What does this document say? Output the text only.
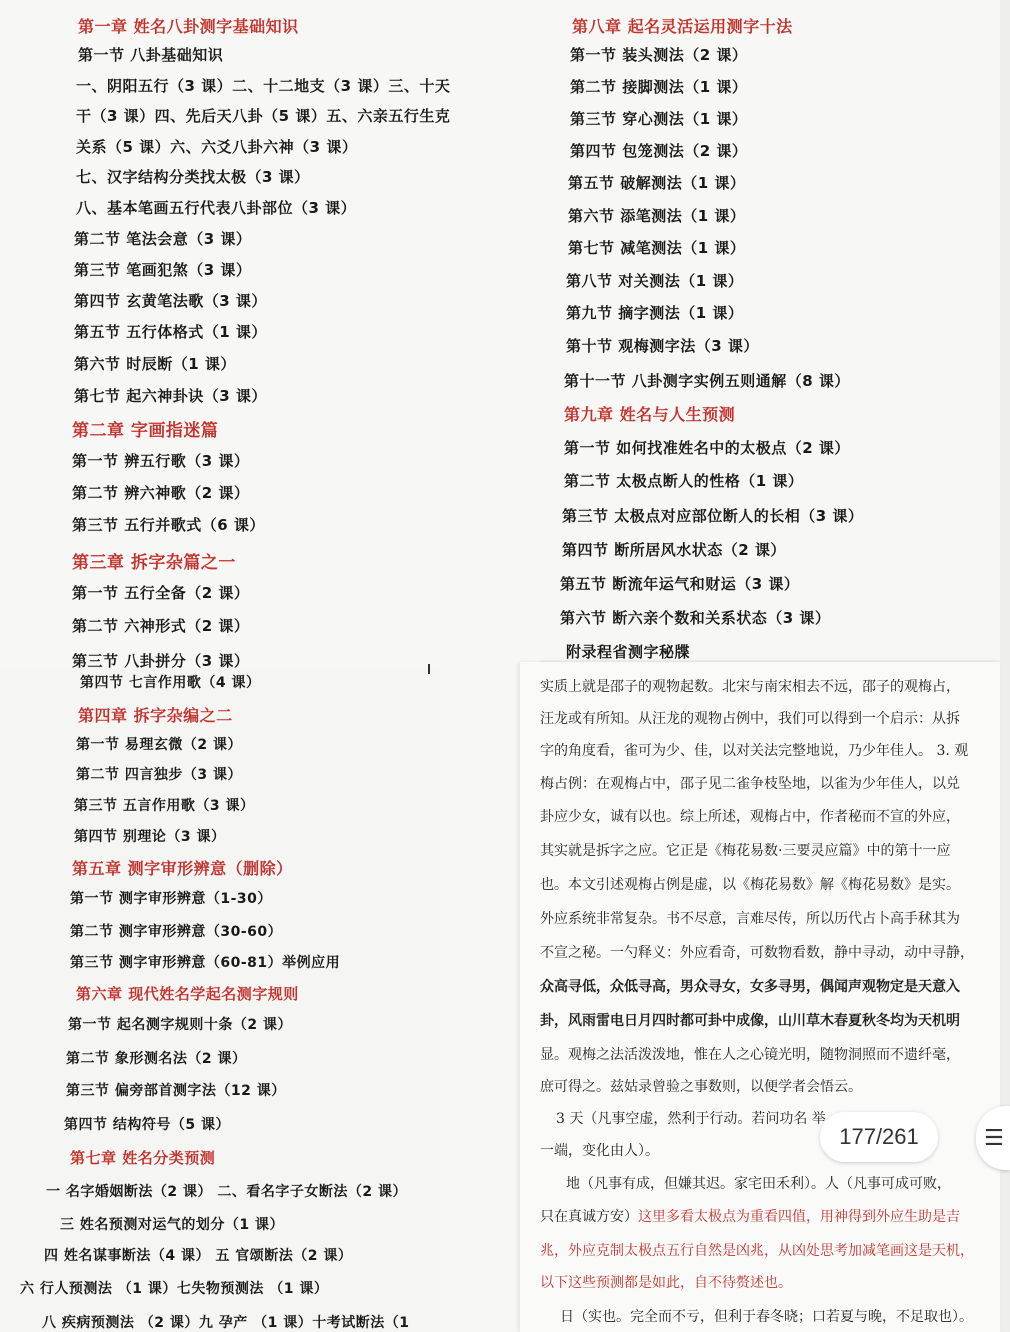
第一章 姓名八卦测字基础知识
第一节 八卦基础知识
一、阴阳五行（3 课）二、十二地支（3 课）三、十天
干（3 课）四、先后天八卦（5 课）五、六亲五行生克
关系（5 课）六、六爻八卦六神（3 课）
七、汉字结构分类找太极（3 课）
八、基本笔画五行代表八卦部位（3 课）
第二节 笔法会意（3 课）
第三节 笔画犯煞（3 课）
第四节 玄黄笔法歌（3 课）
第五节 五行体格式（1 课）
第六节 时辰断（1 课）
第七节 起六神卦诀（3 课）
第二章 字画指迷篇
第一节 辨五行歌（3 课）
第二节 辨六神歌（2 课）
第三节 五行并歌式（6 课）
第三章 拆字杂篇之一
第一节 五行全备（2 课）
第二节 六神形式（2 课）
第三节 八卦拼分（3 课）
第八章 起名灵活运用测字十法
第一节 装头测法（2 课）
第二节 接脚测法（1 课）
第三节 穿心测法（1 课）
第四节 包笼测法（2 课）
第五节 破解测法（1 课）
第六节 添笔测法（1 课）
第七节 减笔测法（1 课）
第八节 对关测法（1 课）
第九节 摘字测法（1 课）
第十节 观梅测字法（3 课）
第十一节 八卦测字实例五则通解（8 课）
第九章 姓名与人生预测
第一节 如何找准姓名中的太极点（2 课）
第二节 太极点断人的性格（1 课）
第三节 太极点对应部位断人的长相（3 课）
第四节 断所居风水状态（2 课）
第五节 断流年运气和财运（3 课）
第六节 断六亲个数和关系状态（3 课）
附录程省测字秘牒
第四节 七言作用歌（4 课）
第四章 拆字杂编之二
第一节 易理玄微（2 课）
第二节 四言独步（3 课）
第三节 五言作用歌（3 课）
第四节 别理论（3 课）
第五章 测字审形辨意（删除）
第一节 测字审形辨意（1-30）
第二节 测字审形辨意（30-60）
第三节 测字审形辨意（60-81）举例应用
第六章 现代姓名学起名测字规则
第一节 起名测字规则十条（2 课）
第二节 象形测名法（2 课）
第三节 偏旁部首测字法（12 课）
第四节 结构符号（5 课）
第七章 姓名分类预测
一 名字婚姻断法（2 课） 二、看名字子女断法（2 课）
三 姓名预测对运气的划分（1 课）
四 姓名谋事断法（4 课） 五 官颂断法（2 课）
六 行人预测法 （1 课）七失物预测法 （1 课）
八 疾病预测法 （2 课）九 孕产 （1 课）十考试断法（1
实质上就是邵子的观物起数。北宋与南宋相去不远，邵子的观梅占，
汪龙或有所知。从汪龙的观物占例中，我们可以得到一个启示：从拆
字的角度看，雀可为少、佳，以对关法完整地说，乃少年佳人。 3. 观
梅占例：在观梅占中，邵子见二雀争枝坠地，以雀为少年佳人，以兑
卦应少女，诚有以也。综上所述，观梅占中，作者秘而不宣的外应，
其实就是拆字之应。它正是《梅花易数·三要灵应篇》中的第十一应
也。本文引述观梅占例是虚，以《梅花易数》解《梅花易数》是实。
外应系统非常复杂。书不尽意，言难尽传，所以历代占卜高手秫其为
不宣之秘。一勺释义：外应看奇，可数物看数，静中寻动，动中寻静，
众高寻低，众低寻高，男众寻女，女多寻男，偶闻声观物定是天意入
卦，风雨雷电日月四时都可卦中成像，山川草木春夏秋冬均为天机明
显。观梅之法活泼泼地，惟在人之心镜光明，随物洞照而不遗纤毫，
庶可得之。兹姑录曾验之事数则，以便学者会悟云。
3 天（凡事空虚，然利于行动。若问功名 举
一端，变化由人）。
地（凡事有成，但嫌其迟。家宅田禾利）。人（凡事可成可败，
只在真诚方安）这里多看太极点为重看四值，用神得到外应生助是吉
兆，外应克制太极点五行自然是凶兆，从凶处思考加减笔画这是天机，
以下这些预测都是如此，自不待赘述也。
日（实也。完全而不亏，但利于春冬晓；口若夏与晚，不足取也）。
177/261	☰
